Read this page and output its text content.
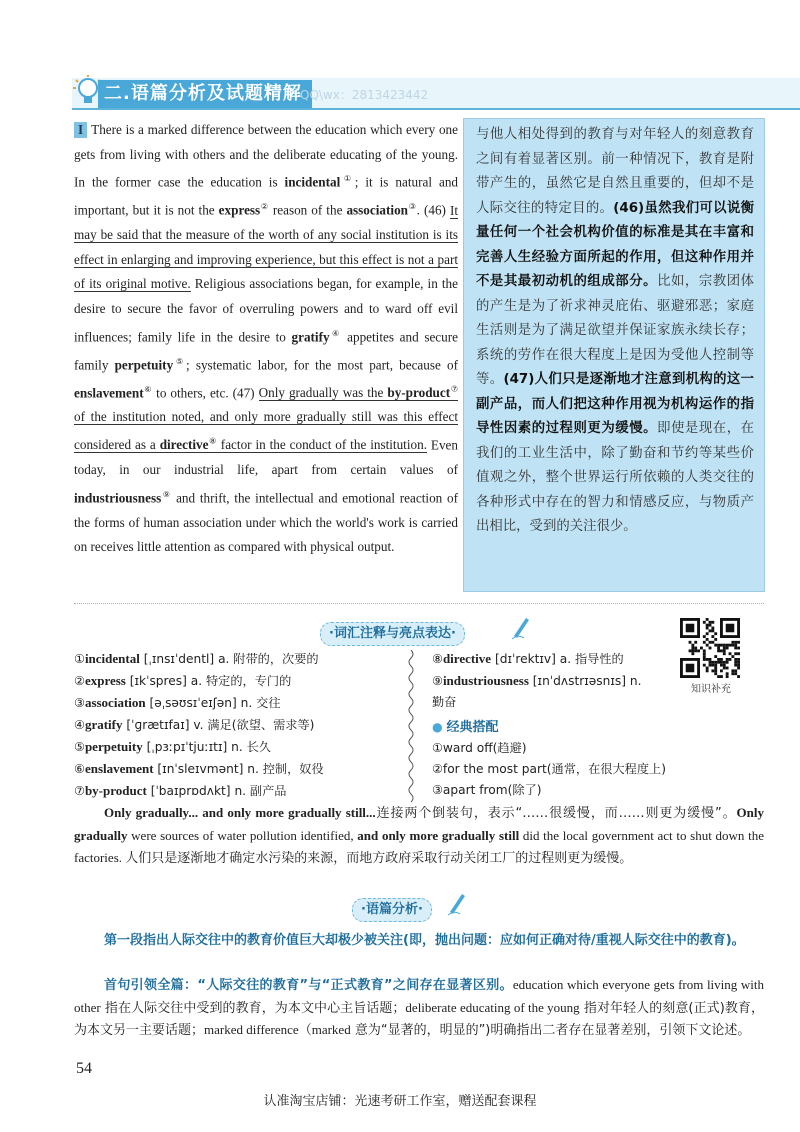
二.语篇分析及试题精解
QQ\wx：2813423442

I There is a marked difference between the education which every one gets from living with others and the deliberate educating of the young. In the former case the education is incidental①; it is natural and important, but it is not the express② reason of the association③. (46) It may be said that the measure of the worth of any social institution is its effect in enlarging and improving experience, but this effect is not a part of its original motive. Religious associations began, for example, in the desire to secure the favor of overruling powers and to ward off evil influences; family life in the desire to gratify④ appetites and secure family perpetuity⑤; systematic labor, for the most part, because of enslavement⑥ to others, etc. (47) Only gradually was the by-product⑦ of the institution noted, and only more gradually still was this effect considered as a directive⑧ factor in the conduct of the institution. Even today, in our industrial life, apart from certain values of industriousness⑨ and thrift, the intellectual and emotional reaction of the forms of human association under which the world's work is carried on receives little attention as compared with physical output.

与他人相处得到的教育与对年轻人的刻意教育之间有着显著区别。前一种情况下，教育是附带产生的，虽然它是自然且重要的，但却不是人际交往的特定目的。(46)虽然我们可以说衡量任何一个社会机构价值的标准是其在丰富和完善人生经验方面所起的作用，但这种作用并不是其最初动机的组成部分。比如，宗教团体的产生是为了祈求神灵庇佑、驱避邪恶；家庭生活则是为了满足欲望并保证家族永续长存；系统的劳作在很大程度上是因为受他人控制等等。(47)人们只是逐渐地才注意到机构的这一副产品，而人们把这种作用视为机构运作的指导性因素的过程则更为缓慢。即使是现在，在我们的工业生活中，除了勤奋和节约等某些价值观之外，整个世界运行所依赖的人类交往的各种形式中存在的智力和情感反应，与物质产出相比，受到的关注很少。
·词汇注释与亮点表达·
知识补充
①incidental [ˌɪnsɪˈdentl] a. 附带的，次要的
②express [ɪkˈspres] a. 特定的，专门的
③association [əˌsəʊsɪˈeɪʃən] n. 交往
④gratify [ˈɡrætɪfaɪ] v. 满足(欲望、需求等)
⑤perpetuity [ˌpɜːpɪˈtjuːɪtɪ] n. 长久
⑥enslavement [ɪnˈsleɪvmənt] n. 控制，奴役
⑦by-product [ˈbaɪprɒdʌkt] n. 副产品
⑧directive [dɪˈrektɪv] a. 指导性的
⑨industriousness [ɪnˈdʌstrɪəsnɪs] n.
勤奋
● 经典搭配
①ward off(趋避)
②for the most part(通常，在很大程度上)
③apart from(除了)
Only gradually... and only more gradually still...连接两个倒装句，表示“……很缓慢，而……则更为缓慢”。Only gradually were sources of water pollution identified, and only more gradually still did the local government act to shut down the factories. 人们只是逐渐地才确定水污染的来源，而地方政府采取行动关闭工厂的过程则更为缓慢。
·语篇分析·
第一段指出人际交往中的教育价值巨大却极少被关注(即，抛出问题：应如何正确对待/重视人际交往中的教育)。
首句引领全篇：“人际交往的教育”与“正式教育”之间存在显著区别。education which everyone gets from living with other 指在人际交往中受到的教育，为本文中心主旨话题；deliberate educating of the young 指对年轻人的刻意(正式)教育，为本文另一主要话题；marked difference（marked 意为“显著的，明显的”)明确指出二者存在显著差别，引领下文论述。
54
认准淘宝店铺：光速考研工作室，赠送配套课程
